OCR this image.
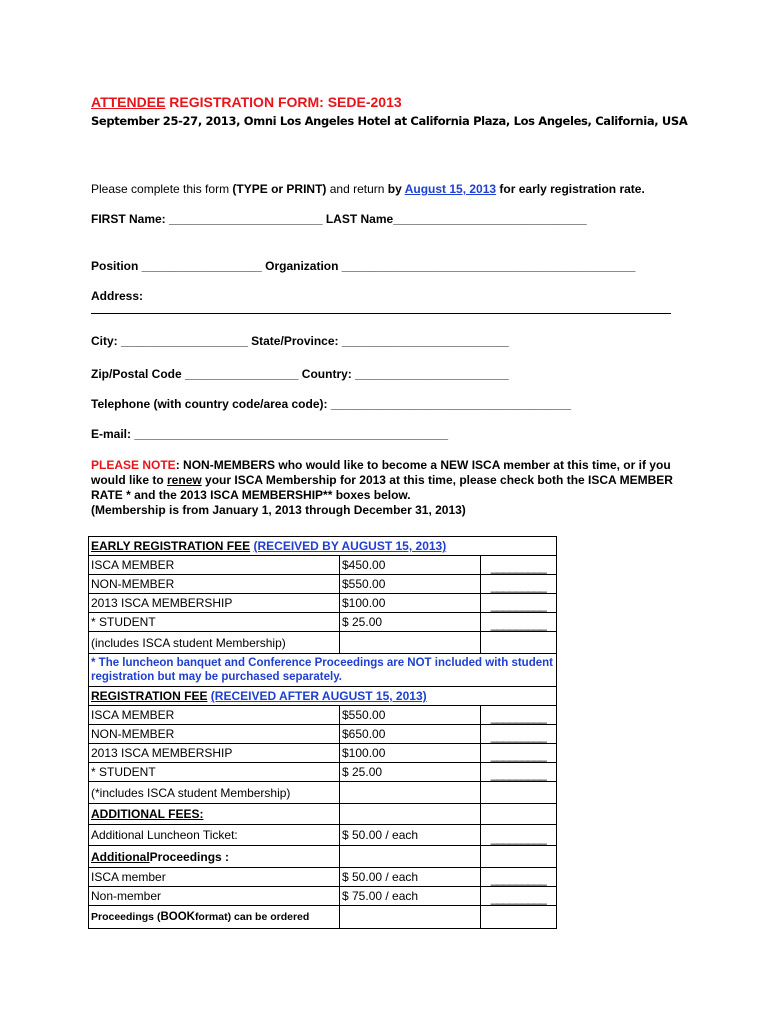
ATTENDEE REGISTRATION FORM: SEDE-2013
September 25-27, 2013, Omni Los Angeles Hotel at California Plaza, Los Angeles, California, USA
Please complete this form (TYPE or PRINT) and return by August 15, 2013 for early registration rate.
FIRST Name: _______________________ LAST Name_____________________________
Position __________________ Organization ____________________________________________
Address:
City: ___________________ State/Province: _________________________
Zip/Postal Code _________________ Country: _______________________
Telephone (with country code/area code): ____________________________________
E-mail: _______________________________________________
PLEASE NOTE: NON-MEMBERS who would like to become a NEW ISCA member at this time, or if you would like to renew your ISCA Membership for 2013 at this time, please check both the ISCA MEMBER RATE * and the 2013 ISCA MEMBERSHIP** boxes below.
(Membership is from January 1, 2013 through December 31, 2013)
EARLY REGISTRATION FEE (RECEIVED BY AUGUST 15, 2013)
ISCA MEMBER	$450.00	_________
NON-MEMBER	$550.00	_________
2013 ISCA MEMBERSHIP	$100.00	_________
* STUDENT	$ 25.00	_________
(includes ISCA student Membership)
* The luncheon banquet and Conference Proceedings are NOT included with student registration but may be purchased separately.
REGISTRATION FEE (RECEIVED AFTER AUGUST 15, 2013)
ISCA MEMBER	$550.00	_________
NON-MEMBER	$650.00	_________
2013 ISCA MEMBERSHIP	$100.00	_________
* STUDENT	$ 25.00	_________
(*includes ISCA student Membership)
ADDITIONAL FEES:
Additional Luncheon Ticket:	$ 50.00 / each	_________
Additional Proceedings :
ISCA member	$ 50.00 / each	_________
Non-member	$ 75.00 / each	_________
Proceedings ( BOOK format) can be ordered
